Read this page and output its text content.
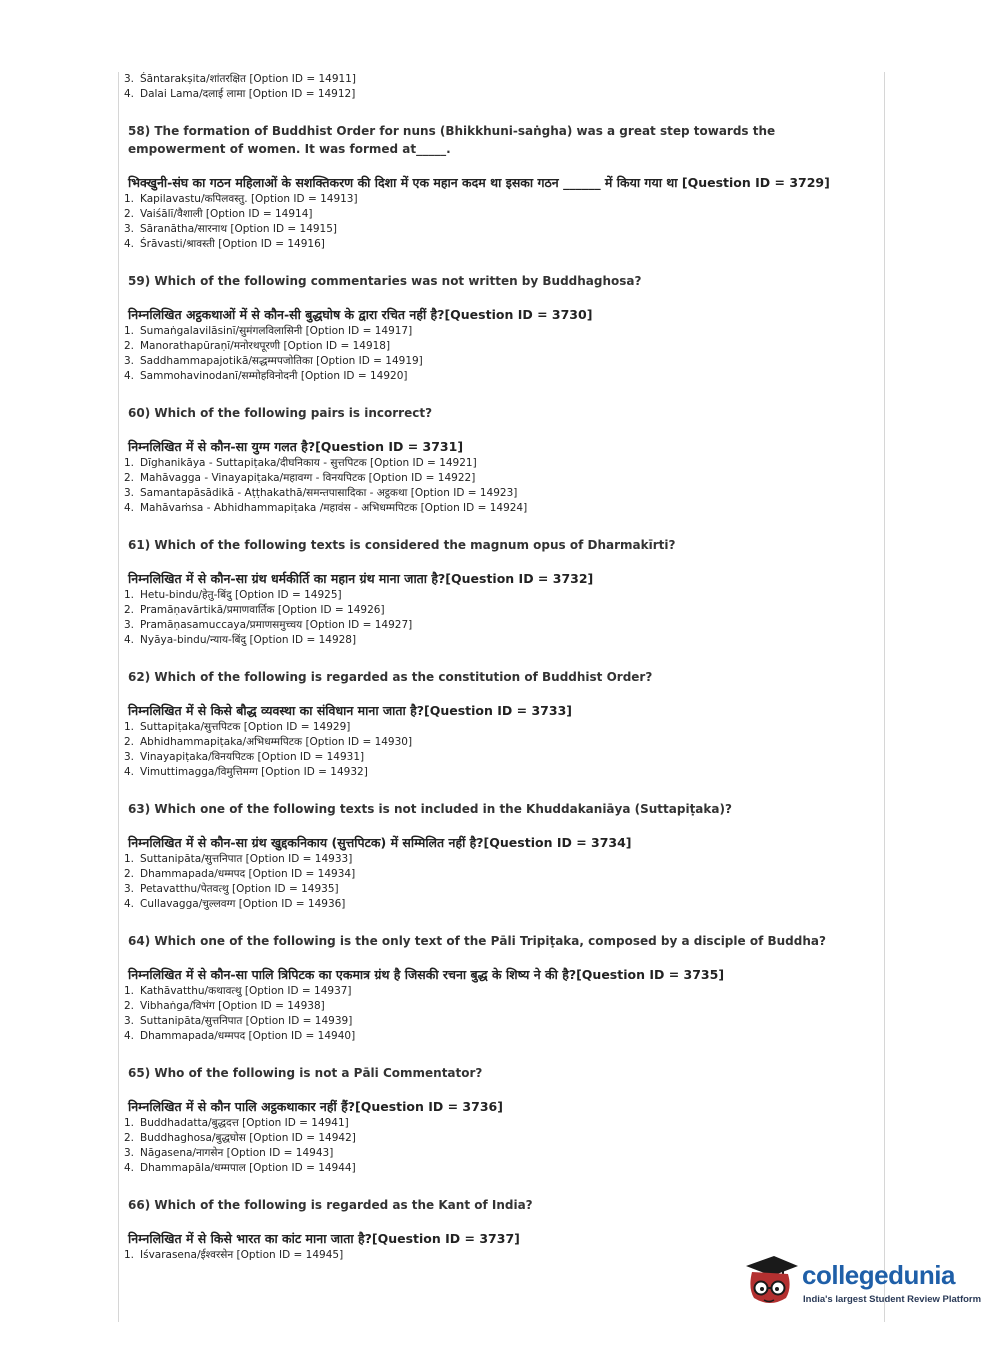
3. Śāntarakṣita/शांतरक्षित [Option ID = 14911]

4. Dalai Lama/दलाई लामा [Option ID = 14912]

58) The formation of Buddhist Order for nuns (Bhikkhuni-saṅgha) was a great step towards the empowerment of women. It was formed at_____.

भिक्खुनी-संघ का गठन महिलाओं के सशक्तिकरण की दिशा में एक महान कदम था इसका गठन ______ में किया गया था [Question ID = 3729]

1. Kapilavastu/कपिलवस्तु. [Option ID = 14913]

2. Vaiśālī/वैशाली [Option ID = 14914]

3. Sāranātha/सारनाथ [Option ID = 14915]

4. Śrāvasti/श्रावस्ती [Option ID = 14916]

59) Which of the following commentaries was not written by Buddhaghosa?

निम्नलिखित अट्ठकथाओं में से कौन-सी बुद्धघोष के द्वारा रचित नहीं है?[Question ID = 3730]

1. Sumaṅgalavilāsinī/सुमंगलविलासिनी [Option ID = 14917]

2. Manorathapūraṇī/मनोरथपूरणी [Option ID = 14918]

3. Saddhammapajotikā/सद्धम्मपजोतिका [Option ID = 14919]

4. Sammohavinodanī/सम्मोहविनोदनी [Option ID = 14920]

60) Which of the following pairs is incorrect?

निम्नलिखित में से कौन-सा युग्म गलत है?[Question ID = 3731]

1. Dīghanikāya - Suttapiṭaka/दीघनिकाय - सुत्तपिटक [Option ID = 14921]

2. Mahāvagga - Vinayapiṭaka/महावग्ग - विनयपिटक [Option ID = 14922]

3. Samantapāsādikā - Aṭṭhakathā/समन्तपासादिका - अट्ठकथा [Option ID = 14923]

4. Mahāvaṁsa - Abhidhammapiṭaka /महावंस - अभिधम्मपिटक [Option ID = 14924]

61) Which of the following texts is considered the magnum opus of Dharmakīrti?

निम्नलिखित में से कौन-सा ग्रंथ धर्मकीर्ति का महान ग्रंथ माना जाता है?[Question ID = 3732]

1. Hetu-bindu/हेतु-बिंदु [Option ID = 14925]

2. Pramāṇavārtikā/प्रमाणवार्तिक [Option ID = 14926]

3. Pramāṇasamuccaya/प्रमाणसमुच्चय [Option ID = 14927]

4. Nyāya-bindu/न्याय-बिंदु [Option ID = 14928]

62) Which of the following is regarded as the constitution of Buddhist Order?

निम्नलिखित में से किसे बौद्ध व्यवस्था का संविधान माना जाता है?[Question ID = 3733]

1. Suttapiṭaka/सुत्तपिटक [Option ID = 14929]

2. Abhidhammapiṭaka/अभिधम्मपिटक [Option ID = 14930]

3. Vinayapiṭaka/विनयपिटक [Option ID = 14931]

4. Vimuttimagga/विमुत्तिमग्ग [Option ID = 14932]

63) Which one of the following texts is not included in the Khuddakaniāya (Suttapiṭaka)?

निम्नलिखित में से कौन-सा ग्रंथ खुद्दकनिकाय (सुत्तपिटक) में सम्मिलित नहीं है?[Question ID = 3734]

1. Suttanipāta/सुत्तनिपात [Option ID = 14933]

2. Dhammapada/धम्मपद [Option ID = 14934]

3. Petavatthu/पेतवत्थु [Option ID = 14935]

4. Cullavagga/चुल्लवग्ग [Option ID = 14936]

64) Which one of the following is the only text of the Pāli Tripiṭaka, composed by a disciple of Buddha?

निम्नलिखित में से कौन-सा पालि त्रिपिटक का एकमात्र ग्रंथ है जिसकी रचना बुद्ध के शिष्य ने की है?[Question ID = 3735]

1. Kathāvatthu/कथावत्थु [Option ID = 14937]

2. Vibhaṅga/विभंग [Option ID = 14938]

3. Suttanipāta/सुत्तनिपात [Option ID = 14939]

4. Dhammapada/धम्मपद [Option ID = 14940]

65) Who of the following is not a Pāli Commentator?

निम्नलिखित में से कौन पालि अट्ठकथाकार नहीं हैं?[Question ID = 3736]

1. Buddhadatta/बुद्धदत्त [Option ID = 14941]

2. Buddhaghosa/बुद्धघोस [Option ID = 14942]

3. Nāgasena/नागसेन [Option ID = 14943]

4. Dhammapāla/धम्मपाल [Option ID = 14944]

66) Which of the following is regarded as the Kant of India?

निम्नलिखित में से किसे भारत का कांट माना जाता है?[Question ID = 3737]

1. Iśvarasena/ईश्वरसेन [Option ID = 14945]

collegedunia
India's largest Student Review Platform
